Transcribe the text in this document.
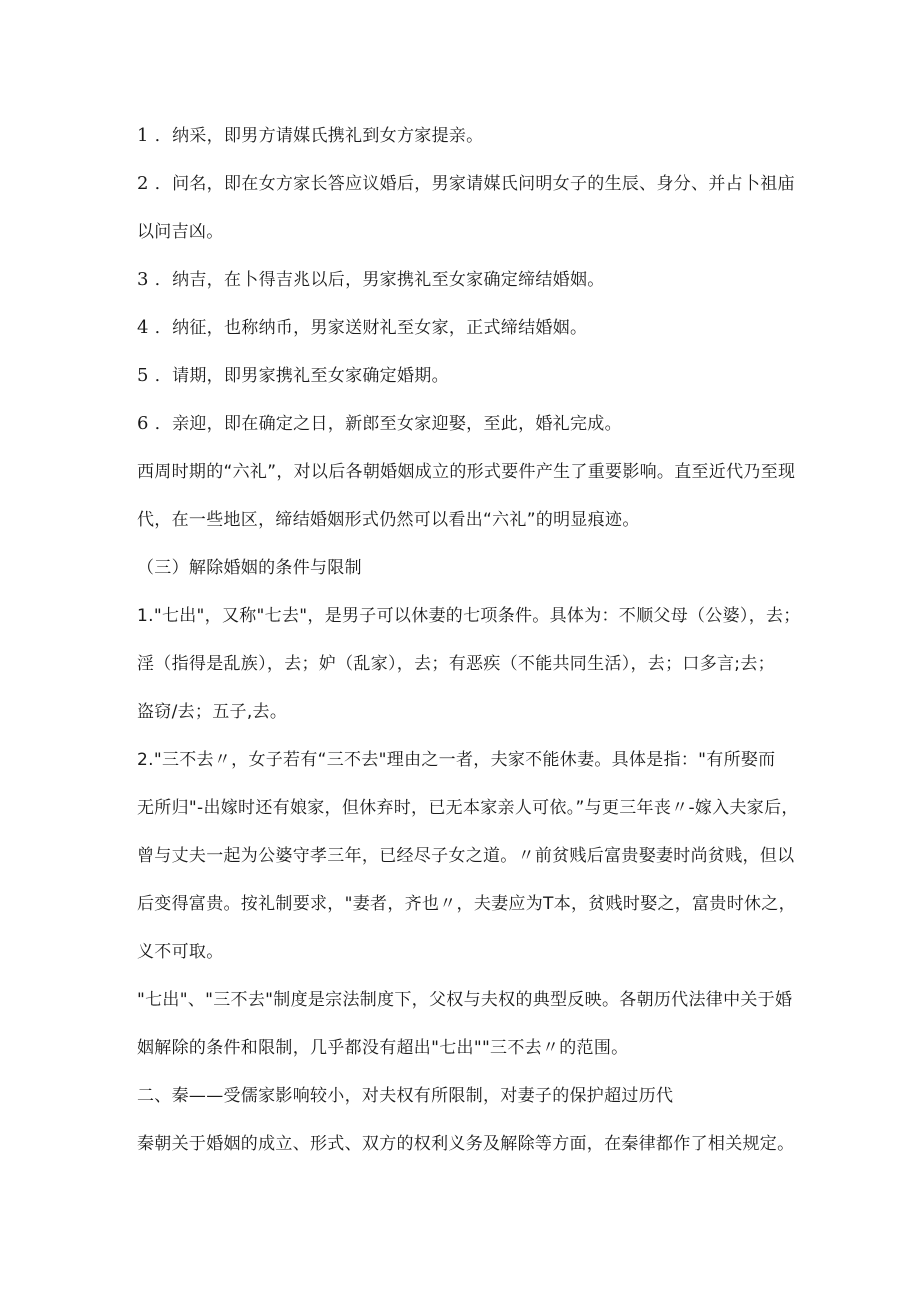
1 ．纳采，即男方请媒氏携礼到女方家提亲。
2 ．问名，即在女方家长答应议婚后，男家请媒氏问明女子的生辰、身分、并占卜祖庙
以问吉凶。
3 ．纳吉，在卜得吉兆以后，男家携礼至女家确定缔结婚姻。
4 ．纳征，也称纳币，男家送财礼至女家，正式缔结婚姻。
5 ．请期，即男家携礼至女家确定婚期。
6 ．亲迎，即在确定之日，新郎至女家迎娶，至此，婚礼完成。
西周时期的“六礼”，对以后各朝婚姻成立的形式要件产生了重要影响。直至近代乃至现
代，在一些地区，缔结婚姻形式仍然可以看出“六礼”的明显痕迹。
（三）解除婚姻的条件与限制
1."七出"，又称"七去"，是男子可以休妻的七项条件。具体为：不顺父母（公婆），去；
淫（指得是乱族），去；妒（乱家），去；有恶疾（不能共同生活），去；口多言;去；
盗窃/去；五子,去。
2."三不去〃，女子若有“三不去"理由之一者，夫家不能休妻。具体是指："有所娶而
无所归"-出嫁时还有娘家，但休弃时，已无本家亲人可依。”与更三年丧〃-嫁入夫家后，
曾与丈夫一起为公婆守孝三年，已经尽子女之道。〃前贫贱后富贵娶妻时尚贫贱，但以
后变得富贵。按礼制要求，"妻者，齐也〃，夫妻应为T本，贫贱时娶之，富贵时休之，
义不可取。
"七出"、"三不去"制度是宗法制度下，父权与夫权的典型反映。各朝历代法律中关于婚
姻解除的条件和限制，几乎都没有超出"七出""三不去〃的范围。
二、秦——受儒家影响较小，对夫权有所限制，对妻子的保护超过历代
秦朝关于婚姻的成立、形式、双方的权利义务及解除等方面，在秦律都作了相关规定。
